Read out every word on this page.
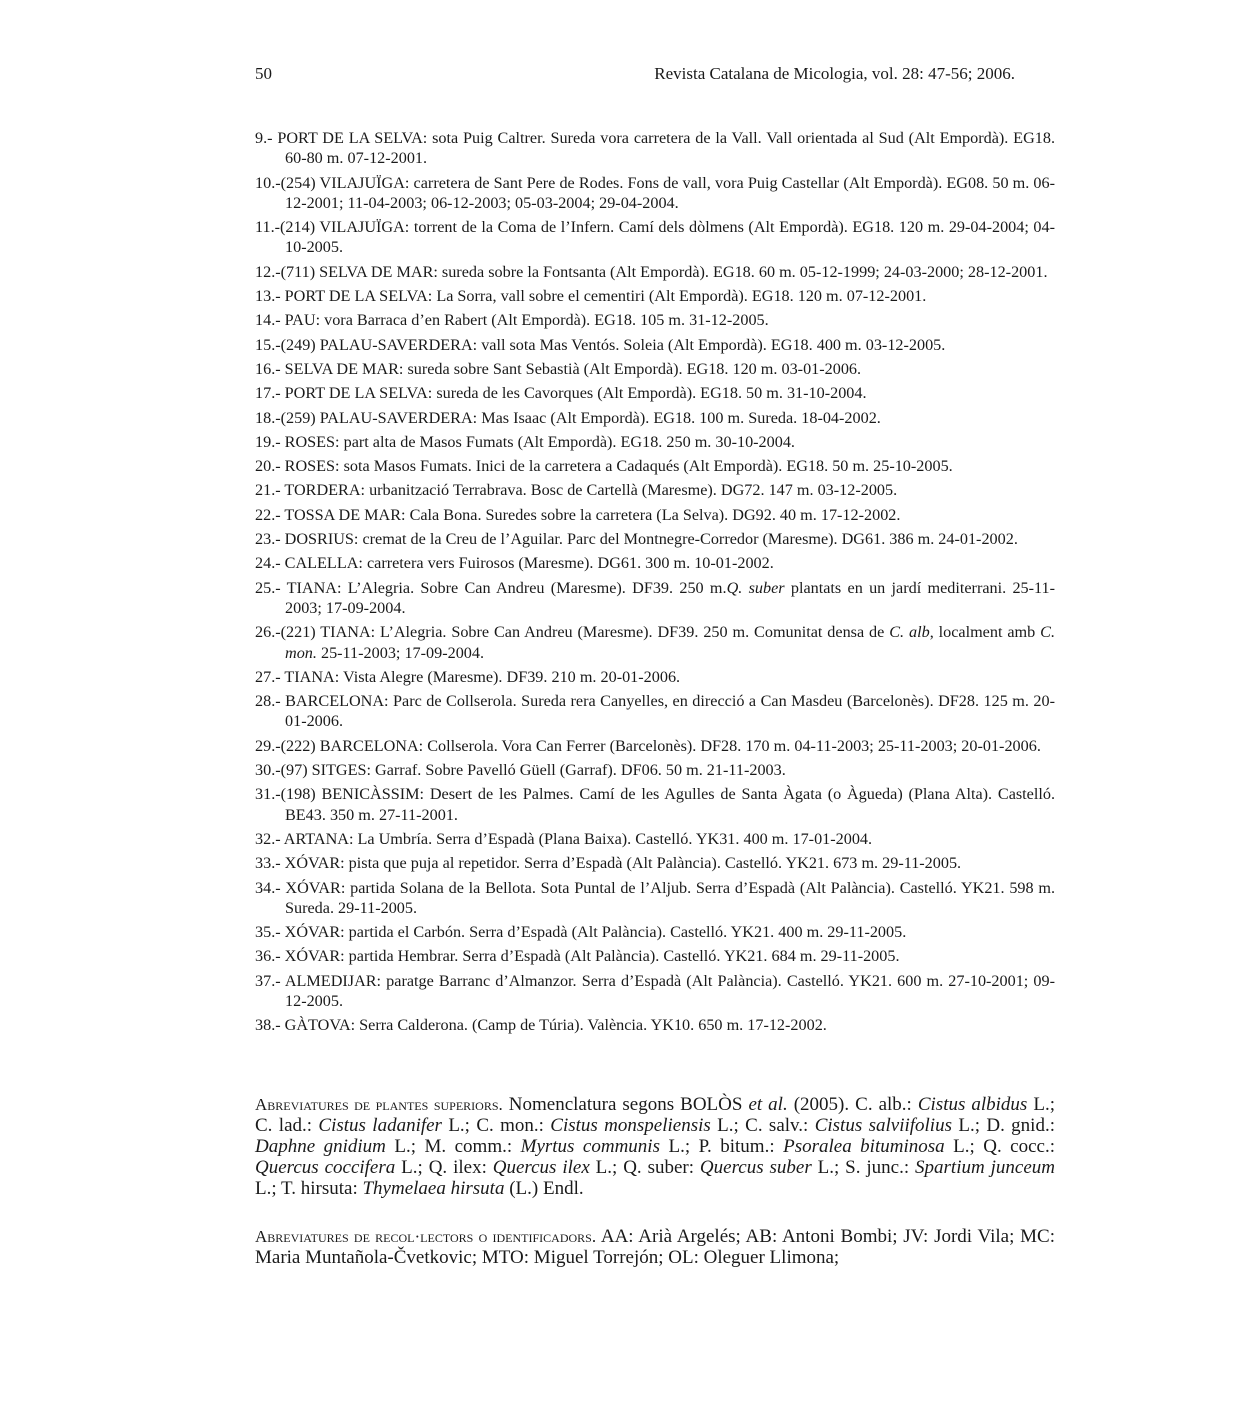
50	Revista Catalana de Micologia, vol. 28: 47-56; 2006.
9.- PORT DE LA SELVA: sota Puig Caltrer. Sureda vora carretera de la Vall. Vall orientada al Sud (Alt Empordà). EG18. 60-80 m. 07-12-2001.
10.-(254) VILAJUÏGA: carretera de Sant Pere de Rodes. Fons de vall, vora Puig Castellar (Alt Empordà). EG08. 50 m. 06-12-2001; 11-04-2003; 06-12-2003; 05-03-2004; 29-04-2004.
11.-(214) VILAJUÏGA: torrent de la Coma de l’Infern. Camí dels dòlmens (Alt Empordà). EG18. 120 m. 29-04-2004; 04-10-2005.
12.-(711) SELVA DE MAR: sureda sobre la Fontsanta (Alt Empordà). EG18. 60 m. 05-12-1999; 24-03-2000; 28-12-2001.
13.- PORT DE LA SELVA: La Sorra, vall sobre el cementiri (Alt Empordà). EG18. 120 m. 07-12-2001.
14.- PAU: vora Barraca d’en Rabert (Alt Empordà). EG18. 105 m. 31-12-2005.
15.-(249) PALAU-SAVERDERA: vall sota Mas Ventós. Soleia (Alt Empordà). EG18. 400 m. 03-12-2005.
16.- SELVA DE MAR: sureda sobre Sant Sebastià (Alt Empordà). EG18. 120 m. 03-01-2006.
17.- PORT DE LA SELVA: sureda de les Cavorques (Alt Empordà). EG18. 50 m. 31-10-2004.
18.-(259) PALAU-SAVERDERA: Mas Isaac (Alt Empordà). EG18. 100 m. Sureda. 18-04-2002.
19.- ROSES: part alta de Masos Fumats (Alt Empordà). EG18. 250 m. 30-10-2004.
20.- ROSES: sota Masos Fumats. Inici de la carretera a Cadaqués (Alt Empordà). EG18. 50 m. 25-10-2005.
21.- TORDERA: urbanització Terrabrava. Bosc de Cartellà (Maresme). DG72. 147 m. 03-12-2005.
22.- TOSSA DE MAR: Cala Bona. Suredes sobre la carretera (La Selva). DG92. 40 m. 17-12-2002.
23.- DOSRIUS: cremat de la Creu de l’Aguilar. Parc del Montnegre-Corredor (Maresme). DG61. 386 m. 24-01-2002.
24.- CALELLA: carretera vers Fuirosos (Maresme). DG61. 300 m. 10-01-2002.
25.- TIANA: L’Alegria. Sobre Can Andreu (Maresme). DF39. 250 m.Q. suber plantats en un jardí mediterrani. 25-11-2003; 17-09-2004.
26.-(221) TIANA: L’Alegria. Sobre Can Andreu (Maresme). DF39. 250 m. Comunitat densa de C. alb, localment amb C. mon. 25-11-2003; 17-09-2004.
27.- TIANA: Vista Alegre (Maresme). DF39. 210 m. 20-01-2006.
28.- BARCELONA: Parc de Collserola. Sureda rera Canyelles, en direcció a Can Masdeu (Barcelonès). DF28. 125 m. 20-01-2006.
29.-(222) BARCELONA: Collserola. Vora Can Ferrer (Barcelonès). DF28. 170 m. 04-11-2003; 25-11-2003; 20-01-2006.
30.-(97) SITGES: Garraf. Sobre Pavelló Güell (Garraf). DF06. 50 m. 21-11-2003.
31.-(198) BENICÀSSIM: Desert de les Palmes. Camí de les Agulles de Santa Àgata (o Àgueda) (Plana Alta). Castelló. BE43. 350 m. 27-11-2001.
32.- ARTANA: La Umbría. Serra d’Espadà (Plana Baixa). Castelló. YK31. 400 m. 17-01-2004.
33.- XÓVAR: pista que puja al repetidor. Serra d’Espadà (Alt Palància). Castelló. YK21. 673 m. 29-11-2005.
34.- XÓVAR: partida Solana de la Bellota. Sota Puntal de l’Aljub. Serra d’Espadà (Alt Palància). Castelló. YK21. 598 m. Sureda. 29-11-2005.
35.- XÓVAR: partida el Carbón. Serra d’Espadà (Alt Palància). Castelló. YK21. 400 m. 29-11-2005.
36.- XÓVAR: partida Hembrar. Serra d’Espadà (Alt Palància). Castelló. YK21. 684 m. 29-11-2005.
37.- ALMEDIJAR: paratge Barranc d’Almanzor. Serra d’Espadà (Alt Palància). Castelló. YK21. 600 m. 27-10-2001; 09-12-2005.
38.- GÀTOVA: Serra Calderona. (Camp de Túria). València. YK10. 650 m. 17-12-2002.

Abreviatures de plantes superiors. Nomenclatura segons BOLÒS et al. (2005). C. alb.: Cistus albidus L.; C. lad.: Cistus ladanifer L.; C. mon.: Cistus monspeliensis L.; C. salv.: Cistus salviifolius L.; D. gnid.: Daphne gnidium L.; M. comm.: Myrtus communis L.; P. bitum.: Psoralea bituminosa L.; Q. cocc.: Quercus coccifera L.; Q. ilex: Quercus ilex L.; Q. suber: Quercus suber L.; S. junc.: Spartium junceum L.; T. hirsuta: Thymelaea hirsuta (L.) Endl.

Abreviatures de recol·lectors o identificadors. AA: Arià Argelés; AB: Antoni Bombi; JV: Jordi Vila; MC: Maria Muntañola-Čvetkovic; MTO: Miguel Torrejón; OL: Oleguer Llimona;
